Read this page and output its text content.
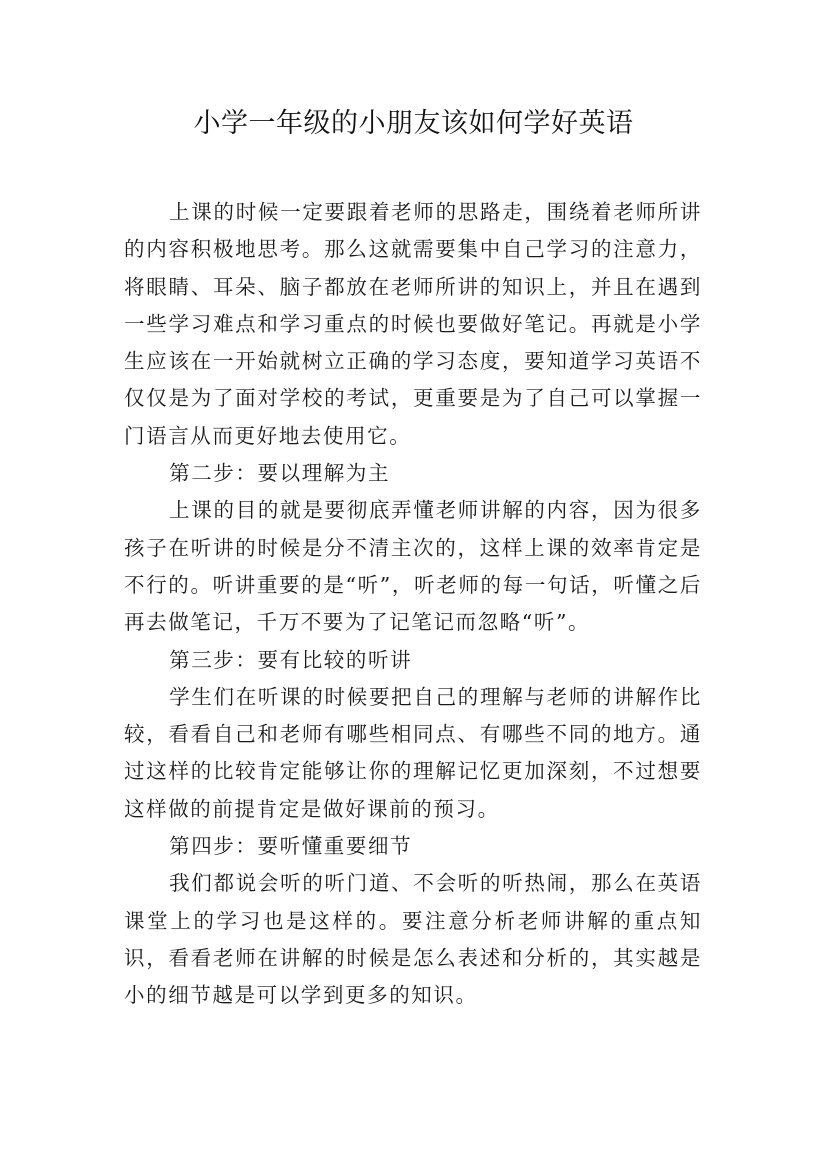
小学一年级的小朋友该如何学好英语

上课的时候一定要跟着老师的思路走，围绕着老师所讲的内容积极地思考。那么这就需要集中自己学习的注意力，将眼睛、耳朵、脑子都放在老师所讲的知识上，并且在遇到一些学习难点和学习重点的时候也要做好笔记。再就是小学生应该在一开始就树立正确的学习态度，要知道学习英语不仅仅是为了面对学校的考试，更重要是为了自己可以掌握一门语言从而更好地去使用它。

第二步：要以理解为主

上课的目的就是要彻底弄懂老师讲解的内容，因为很多孩子在听讲的时候是分不清主次的，这样上课的效率肯定是不行的。听讲重要的是“听”，听老师的每一句话，听懂之后再去做笔记，千万不要为了记笔记而忽略“听”。

第三步：要有比较的听讲

学生们在听课的时候要把自己的理解与老师的讲解作比较，看看自己和老师有哪些相同点、有哪些不同的地方。通过这样的比较肯定能够让你的理解记忆更加深刻，不过想要这样做的前提肯定是做好课前的预习。

第四步：要听懂重要细节

我们都说会听的听门道、不会听的听热闹，那么在英语课堂上的学习也是这样的。要注意分析老师讲解的重点知识，看看老师在讲解的时候是怎么表述和分析的，其实越是小的细节越是可以学到更多的知识。
